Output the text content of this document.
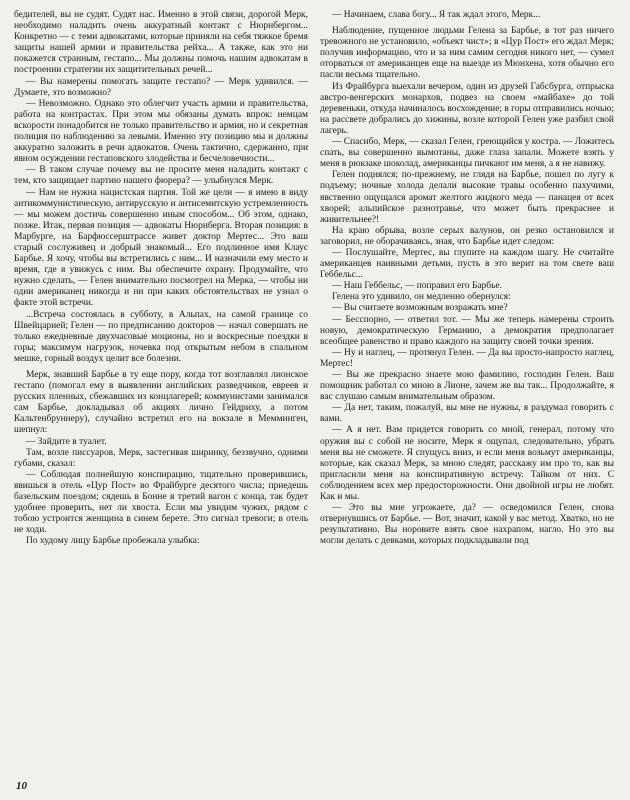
бедителей, вы не судят. Судят нас. Именно в этой связи, дорогой Мерк, необходимо наладить очень аккуратный контакт с Нюрнбергом... Конкретно — с теми адвокатами, которые приняли на себя тяжкое бремя защиты нашей армии и правительства рейха... А также, как это ни покажется странным, гестапо... Мы должны помочь нашим адвокатам в построении стратегии их защитительных речей...

— Вы намерены помогать защите гестапо? — Мерк удивился. — Думаете, это возможно?

— Невозможно. Однако это облегчит участь армии и правительства, работа на контрастах. При этом мы обязаны думать впрок: немцам вскорости понадобится не только правительство и армия, но и секретная полиция по наблюдению за левыми. Именно эту позицию мы и должны аккуратно заложить в речи адвокатов. Очень тактично, сдержанно, при явном осуждении гестаповского злодейства и бесчеловечности...

— В таком случае почему вы не просите меня наладить контакт с тем, кто защищает партию нашего фюрера? — улыбнулся Мерк.

— Нам не нужна нацистская партия. Той же цели — я имею в виду антикоммунистическую, антирусскую и антисемитскую устремленность — мы можем достичь совершенно иным способом... Об этом, однако, позже. Итак, первая позиция — адвокаты Нюрнберга. Вторая позиция: в Марбурге, на Барфюссерштрассе живет доктор Мертес... Это ваш старый сослуживец и добрый знакомый... Его подлинное имя Клаус Барбье. Я хочу, чтобы вы встретились с ним... И назначили ему место и время, где я увижусь с ним. Вы обеспечите охрану. Продумайте, что нужно сделать, — Гелен внимательно посмотрел на Мерка, — чтобы ни одни американец никогда и ни при каких обстоятельствах не узнал о факте этой встречи.

...Встреча состоялась в субботу, в Альпах, на самой границе со Швейцарией; Гелен — по предписанию докторов — начал совершать не только ежедневные двухчасовые моционы, но и воскресные поездки в горы; максимум нагрузок, ночевка под открытым небом в спальном мешке, горный воздух целит все болезни.

Мерк, знавший Барбье в ту еще пору, когда тот возглавлял лионское гестапо (помогал ему в выявлении английских разведчиков, евреев и русских пленных, сбежавших из концлагерей; коммунистами занимался сам Барбье, докладывал об акциях лично Гейдриху, а потом Кальтенбруннеру), случайно встретил его на вокзале в Мемминген, шепнул:

— Зайдите в туалет.

Там, возле писсуаров, Мерк, застегивая ширинку, беззвучно, одними губами, сказал:

— Соблюдая полнейшую конспирацию, тщательно проверившись, явишься в отель «Цур Пост» во Фрайбурге десятого числа; приедешь базельским поездом; сядешь в Бонне в третий вагон с конца, так будет удобнее проверить, нет ли хвоста. Если мы увидим чужих, рядом с тобою устроится женщина в синем берете. Это сигнал тревоги; в отель не ходи.

По худому лицу Барбье пробежала улыбка:

— Начинаем, слава богу... Я так ждал этого, Мерк...

Наблюдение, пущенное людьми Гелена за Барбье, в тот раз ничего тревожного не установило, «объект чист»; в «Цур Пост» его ждал Мерк; получив информацию, что и за ним самим сегодня никого нет, — сумел оторваться от американцев еще на выезде из Мюнхена, хотя обычно его пасли весьма тщательно.

Из Фрайбурга выехали вечером, один из друзей Габсбурга, отпрыска австро-венгерских монархов, подвез на своем «майбахе» до той деревеньки, откуда начиналось восхождение; в горы отправились ночью; на рассвете добрались до хижины, возле которой Гелен уже разбил свой лагерь.

— Спасибо, Мерк, — сказал Гелен, греющийся у костра. — Ложитесь спать, вы совершенно вымотаны, даже глаза запали. Можете взять у меня в рюкзаке шоколад, американцы пичкают им меня, а я не навижу.

Гелен поднялся; по-прежнему, не глядя на Барбье, пошел по лугу к подъему; ночные холода делали высокие травы особенно пахучими, явственно ощущался аромат желтого жидкого меда — панацея от всех хворей; альпийское разнотравье, что может быть прекраснее и живительнее?!

На краю обрыва, возле серых валунов, он резко остановился и заговорил, не оборачиваясь, зная, что Барбье идет следом:

— Послушайте, Мертес, вы глупите на каждом шагу. Не считайте американцев наивными детьми, пусть в это верит на том свете ваш Геббельс...

— Наш Геббельс, — поправил его Барбье.

Гелена это удивило, он медленно обернулся:

— Вы считаете возможным возражать мне?

— Бесспорно, — ответил тот. — Мы же теперь намерены строить новую, демократическую Германию, а демократия предполагает всеобщее равенство и право каждого на защиту своей точки зрения.

— Ну и наглец, — протянул Гелен. — Да вы просто-напросто наглец, Мертес!

— Вы же прекрасно знаете мою фамилию, господин Гелен. Ваш помощник работал со мною в Лионе, зачем же вы так... Продолжайте, я вас слушаю самым внимательным образом.

— Да нет, таким, пожалуй, вы мне не нужны, я раздумал говорить с вами.

— А я нет. Вам придется говорить со мной, генерал, потому что оружия вы с собой не носите, Мерк я ощупал, следовательно, убрать меня вы не сможете. Я спущусь вниз, и если меня возьмут американцы, которые, как сказал Мерк, за мною следят, расскажу им про то, как вы пригласили меня на конспиративную встречу. Тайком от них. С соблюдением всех мер предосторожности. Они двойной игры не любят. Как и мы.

— Это вы мне угрожаете, да? — осведомился Гелен, снова отвернувшись от Барбье. — Вот, значит, какой у вас метод. Хватко, но не результативно. Вы норовите взять свое нахрапом, нагло. Но это вы могли делать с девками, которых подкладывали под

10
